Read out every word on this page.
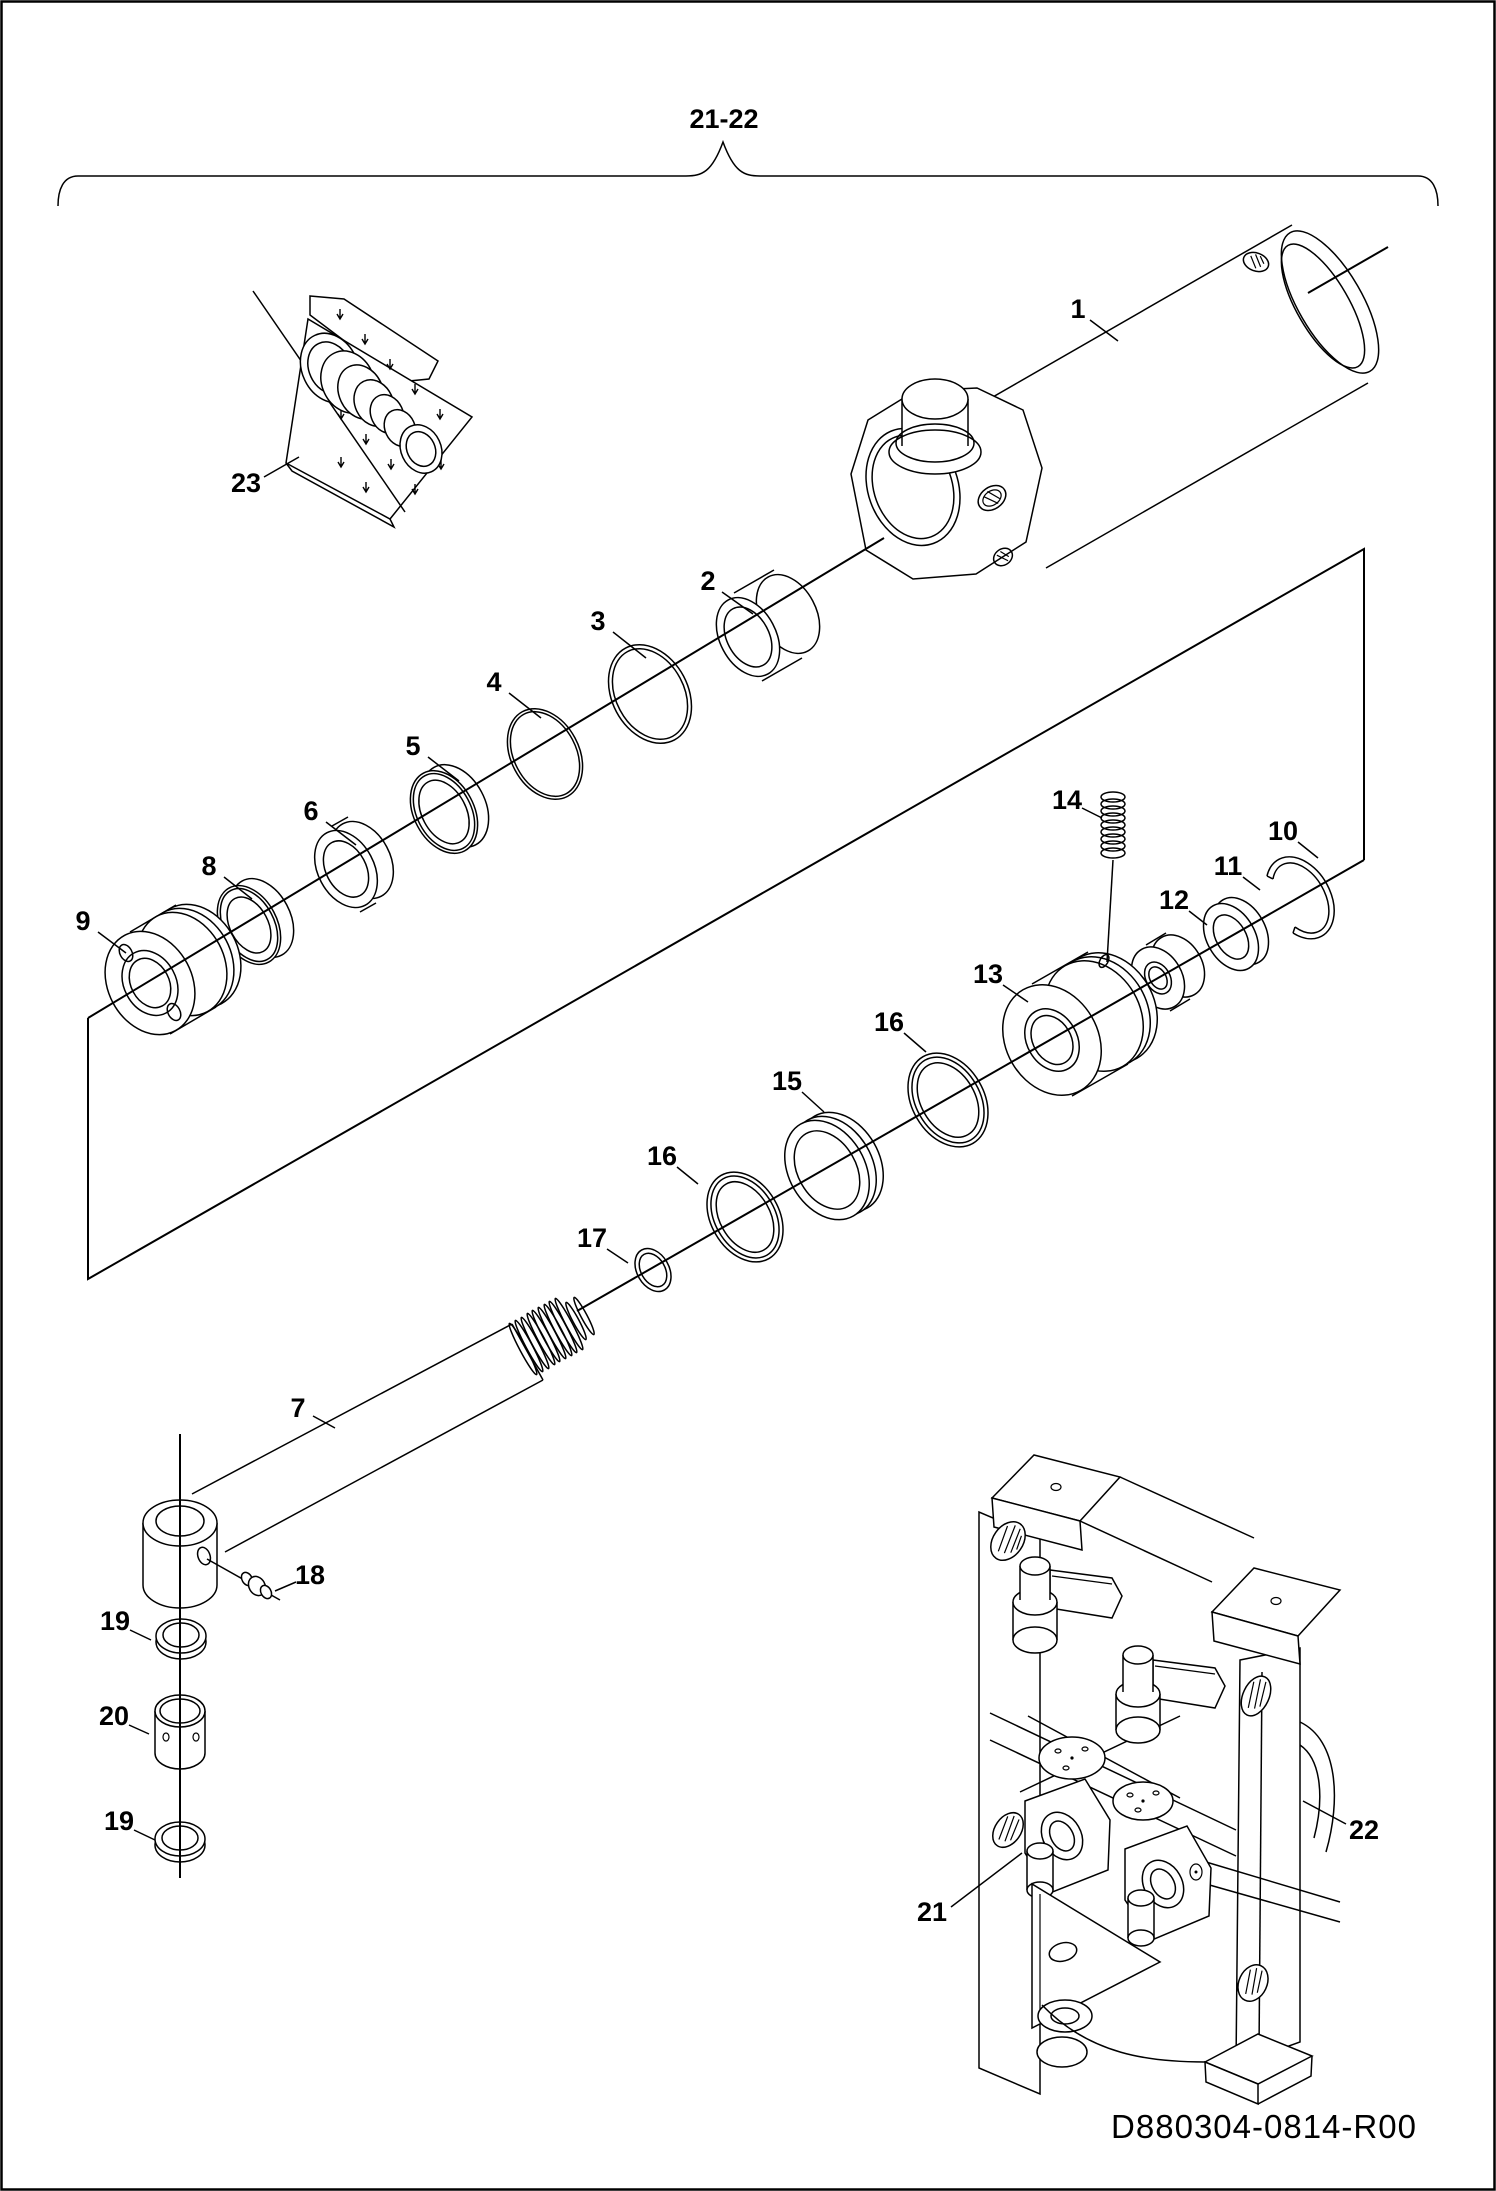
21-22
1
2
3
4
5
6
8
9
23
14
10
11
12
13
16
15
16
17
7
18
19
20
19
21
22
D880304-0814-R00
